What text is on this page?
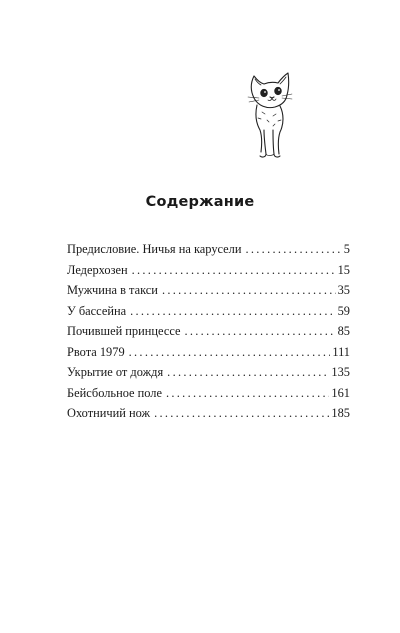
Содержание
Предисловие. Ничья на карусели . . .	5
Ледерхозен . . .	15
Мужчина в такси . . .	35
У бассейна . . .	59
Почившей принцессе . . .	85
Рвота 1979 . . .	111
Укрытие от дождя . . .	135
Бейсбольное поле . . .	161
Охотничий нож . . .	185
